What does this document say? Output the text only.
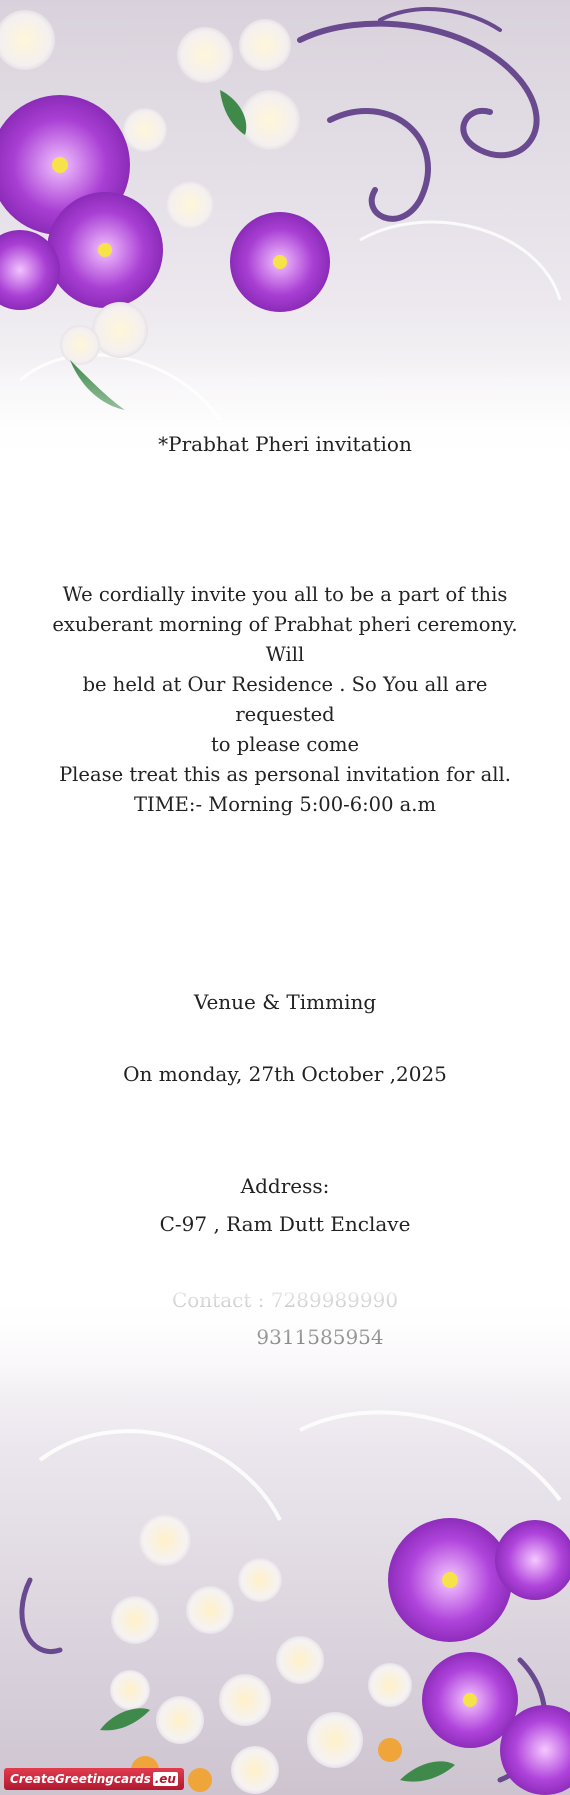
*Prabhat Pheri invitation

We cordially invite you all to be a part of this

exuberant morning of Prabhat pheri ceremony. Will

be held at Our Residence . So You all are requested

to please come

Please treat this as personal invitation for all.

TIME:- Morning 5:00-6:00 a.m

Venue & Timming
On monday, 27th October ,2025
Address:
C-97 , Ram Dutt Enclave
CreateGreetingcards .eu
